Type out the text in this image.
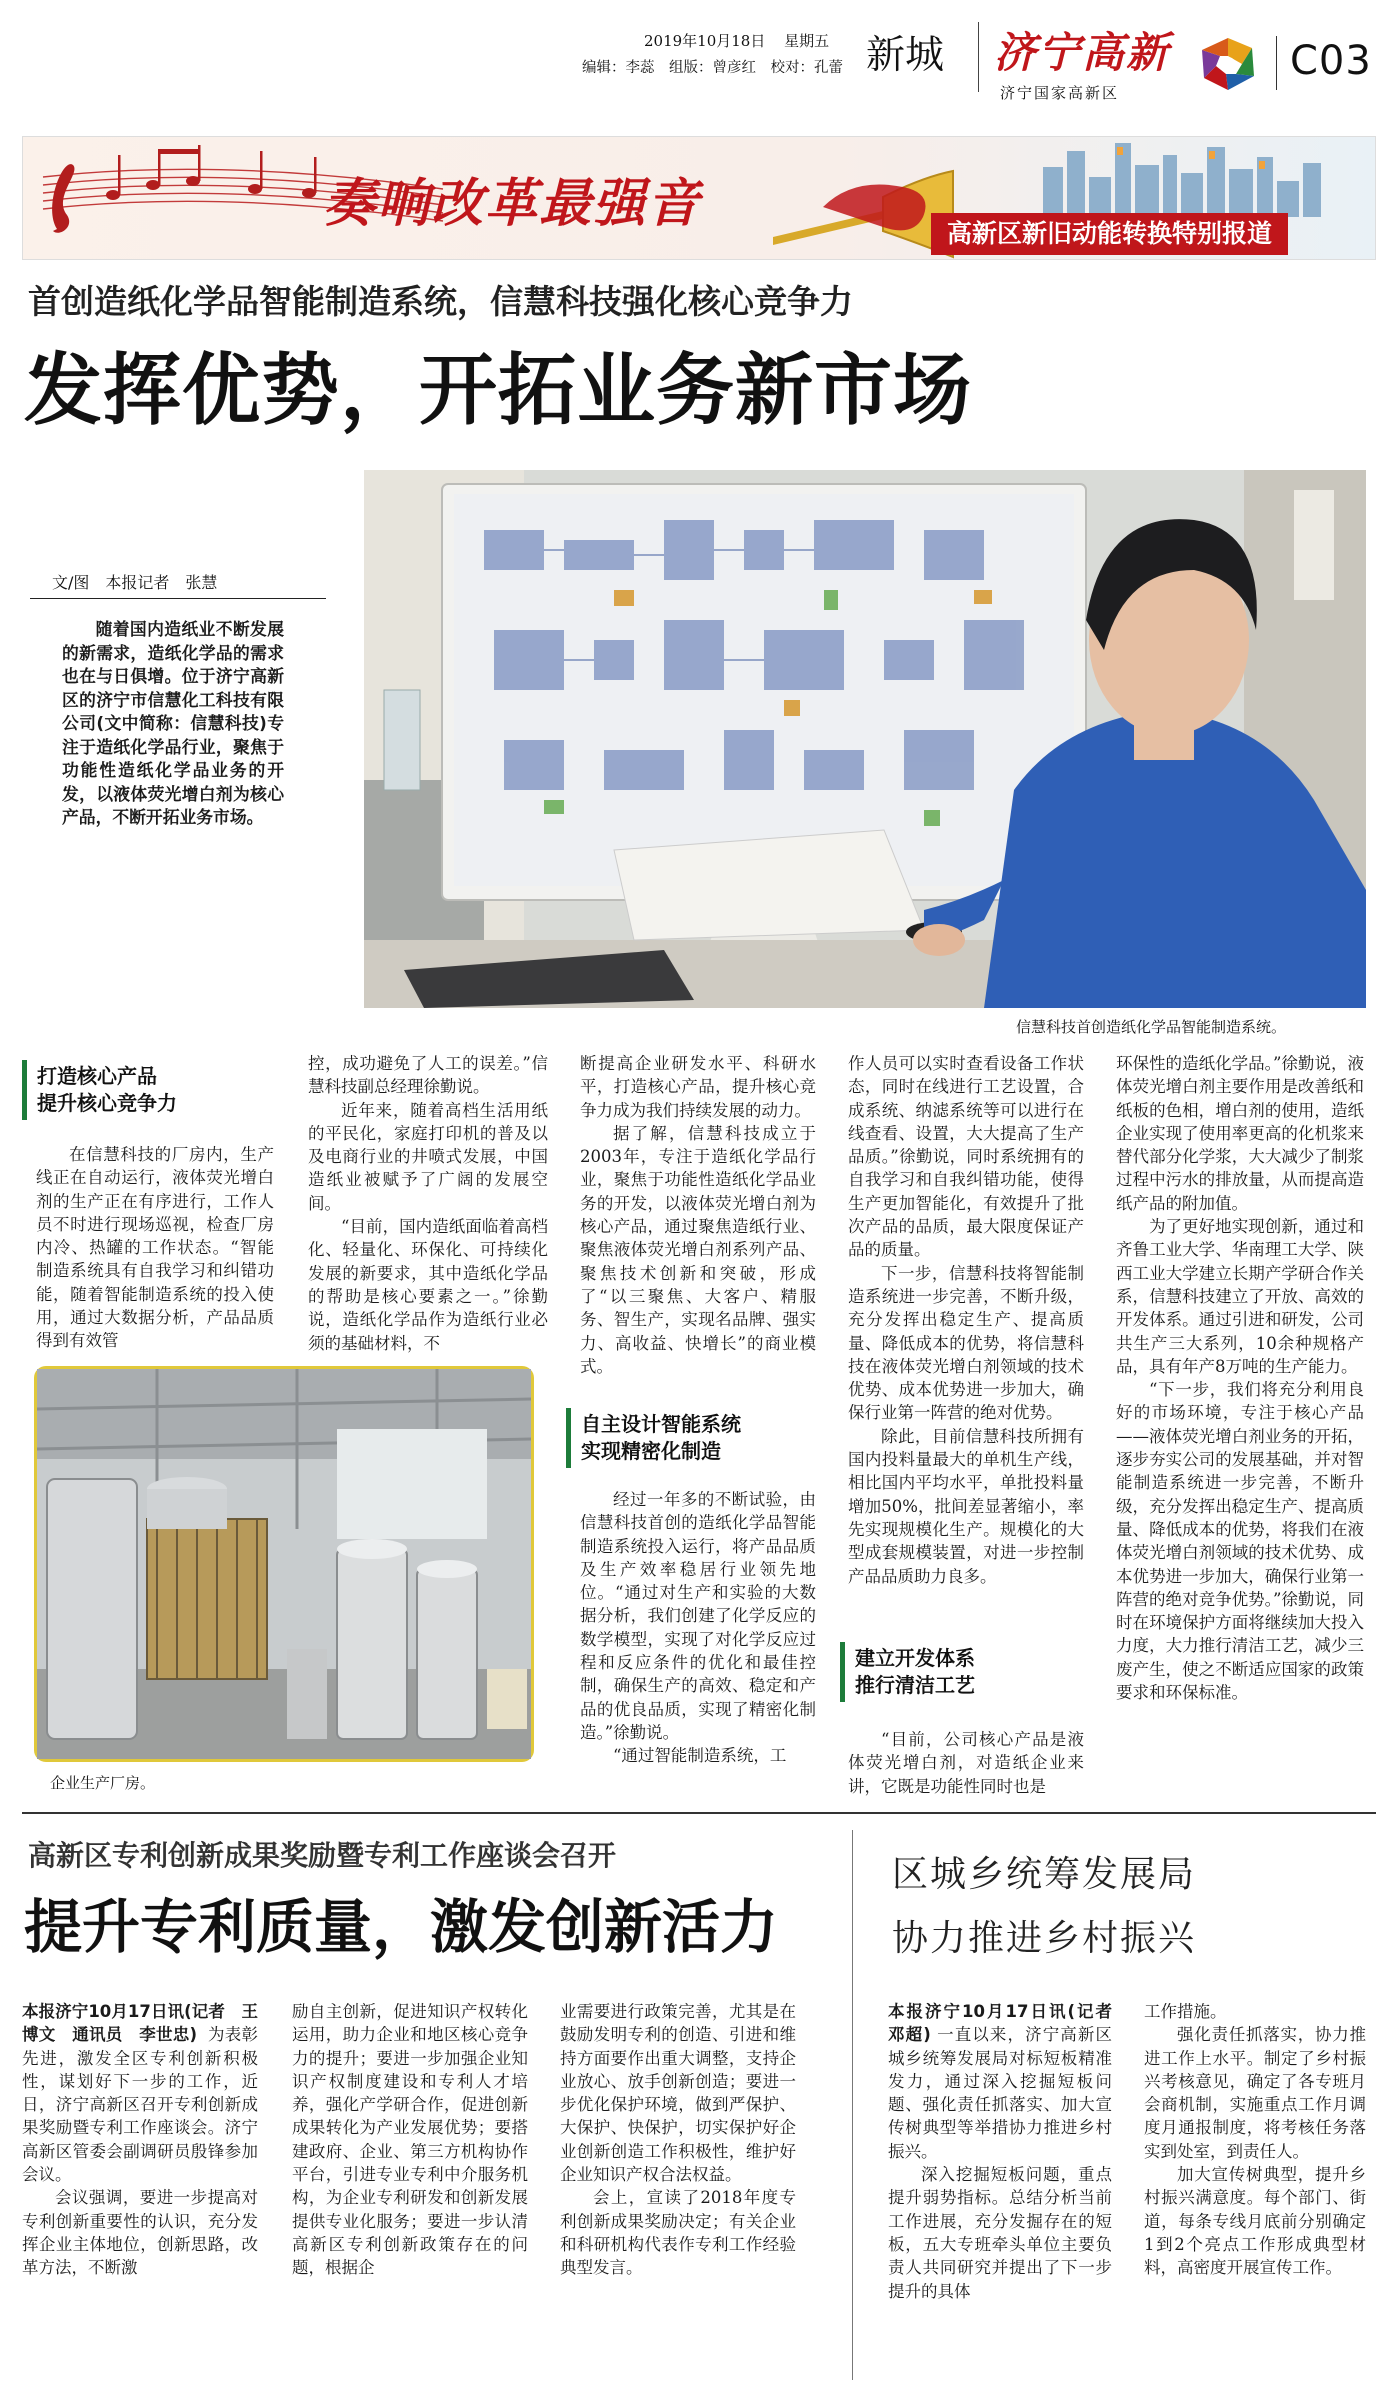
2019年10月18日 星期五
编辑：李蕊　组版：曾彦红　校对：孔蕾 新城 济宁高新
济宁国家高新区
C03
奏响改革最强音	高新区新旧动能转换特别报道
首创造纸化学品智能制造系统，信慧科技强化核心竞争力
发挥优势，开拓业务新市场
信慧科技首创造纸化学品智能制造系统。
文/图　本报记者　张慧

随着国内造纸业不断发展的新需求，造纸化学品的需求也在与日俱增。位于济宁高新区的济宁市信慧化工科技有限公司(文中简称：信慧科技)专注于造纸化学品行业，聚焦于功能性造纸化学品业务的开发，以液体荧光增白剂为核心产品，不断开拓业务市场。

打造核心产品
提升核心竞争力

在信慧科技的厂房内，生产线正在自动运行，液体荧光增白剂的生产正在有序进行，工作人员不时进行现场巡视，检查厂房内冷、热罐的工作状态。“智能制造系统具有自我学习和纠错功能，随着智能制造系统的投入使用，通过大数据分析，产品品质得到有效管

企业生产厂房。

控，成功避免了人工的误差。”信慧科技副总经理徐勤说。

近年来，随着高档生活用纸的平民化，家庭打印机的普及以及电商行业的井喷式发展，中国造纸业被赋予了广阔的发展空间。

“目前，国内造纸面临着高档化、轻量化、环保化、可持续化发展的新要求，其中造纸化学品的帮助是核心要素之一。”徐勤说，造纸化学品作为造纸行业必须的基础材料，不

断提高企业研发水平、科研水平，打造核心产品，提升核心竞争力成为我们持续发展的动力。

据了解，信慧科技成立于2003年，专注于造纸化学品行业，聚焦于功能性造纸化学品业务的开发，以液体荧光增白剂为核心产品，通过聚焦造纸行业、聚焦液体荧光增白剂系列产品、聚焦技术创新和突破，形成了“以三聚焦、大客户、精服务、智生产，实现名品牌、强实力、高收益、快增长”的商业模式。

自主设计智能系统
实现精密化制造

经过一年多的不断试验，由信慧科技首创的造纸化学品智能制造系统投入运行，将产品品质及生产效率稳居行业领先地位。“通过对生产和实验的大数据分析，我们创建了化学反应的数学模型，实现了对化学反应过程和反应条件的优化和最佳控制，确保生产的高效、稳定和产品的优良品质，实现了精密化制造。”徐勤说。

“通过智能制造系统，工

作人员可以实时查看设备工作状态，同时在线进行工艺设置，合成系统、纳滤系统等可以进行在线查看、设置，大大提高了生产品质。”徐勤说，同时系统拥有的自我学习和自我纠错功能，使得生产更加智能化，有效提升了批次产品的品质，最大限度保证产品的质量。

下一步，信慧科技将智能制造系统进一步完善，不断升级，充分发挥出稳定生产、提高质量、降低成本的优势，将信慧科技在液体荧光增白剂领域的技术优势、成本优势进一步加大，确保行业第一阵营的绝对优势。

除此，目前信慧科技所拥有国内投料量最大的单机生产线，相比国内平均水平，单批投料量增加50%，批间差显著缩小，率先实现规模化生产。规模化的大型成套规模装置，对进一步控制产品品质助力良多。

建立开发体系
推行清洁工艺

“目前，公司核心产品是液体荧光增白剂，对造纸企业来讲，它既是功能性同时也是

环保性的造纸化学品。”徐勤说，液体荧光增白剂主要作用是改善纸和纸板的色相，增白剂的使用，造纸企业实现了使用率更高的化机浆来替代部分化学浆，大大减少了制浆过程中污水的排放量，从而提高造纸产品的附加值。

为了更好地实现创新，通过和齐鲁工业大学、华南理工大学、陕西工业大学建立长期产学研合作关系，信慧科技建立了开放、高效的开发体系。通过引进和研发，公司共生产三大系列，10余种规格产品，具有年产8万吨的生产能力。

“下一步，我们将充分利用良好的市场环境，专注于核心产品——液体荧光增白剂业务的开拓，逐步夯实公司的发展基础，并对智能制造系统进一步完善，不断升级，充分发挥出稳定生产、提高质量、降低成本的优势，将我们在液体荧光增白剂领域的技术优势、成本优势进一步加大，确保行业第一阵营的绝对竞争优势。”徐勤说，同时在环境保护方面将继续加大投入力度，大力推行清洁工艺，减少三废产生，使之不断适应国家的政策要求和环保标准。

高新区专利创新成果奖励暨专利工作座谈会召开
提升专利质量，激发创新活力

本报济宁10月17日讯(记者　王博文　通讯员　李世忠) 为表彰先进，激发全区专利创新积极性，谋划好下一步的工作，近日，济宁高新区召开专利创新成果奖励暨专利工作座谈会。济宁高新区管委会副调研员殷锋参加会议。

会议强调，要进一步提高对专利创新重要性的认识，充分发挥企业主体地位，创新思路，改革方法，不断激

励自主创新，促进知识产权转化运用，助力企业和地区核心竞争力的提升；要进一步加强企业知识产权制度建设和专利人才培养，强化产学研合作，促进创新成果转化为产业发展优势；要搭建政府、企业、第三方机构协作平台，引进专业专利中介服务机构，为企业专利研发和创新发展提供专业化服务；要进一步认清高新区专利创新政策存在的问题，根据企

业需要进行政策完善，尤其是在鼓励发明专利的创造、引进和维持方面要作出重大调整，支持企业放心、放手创新创造；要进一步优化保护环境，做到严保护、大保护、快保护，切实保护好企业创新创造工作积极性，维护好企业知识产权合法权益。

会上，宣读了2018年度专利创新成果奖励决定；有关企业和科研机构代表作专利工作经验典型发言。

区城乡统筹发展局
协力推进乡村振兴

本报济宁10月17日讯(记者　邓超) 一直以来，济宁高新区城乡统筹发展局对标短板精准发力，通过深入挖掘短板问题、强化责任抓落实、加大宣传树典型等举措协力推进乡村振兴。

深入挖掘短板问题，重点提升弱势指标。总结分析当前工作进展，充分发掘存在的短板，五大专班牵头单位主要负责人共同研究并提出了下一步提升的具体

工作措施。

强化责任抓落实，协力推进工作上水平。制定了乡村振兴考核意见，确定了各专班月会商机制，实施重点工作月调度月通报制度，将考核任务落实到处室，到责任人。

加大宣传树典型，提升乡村振兴满意度。每个部门、街道，每条专线月底前分别确定1到2个亮点工作形成典型材料，高密度开展宣传工作。
